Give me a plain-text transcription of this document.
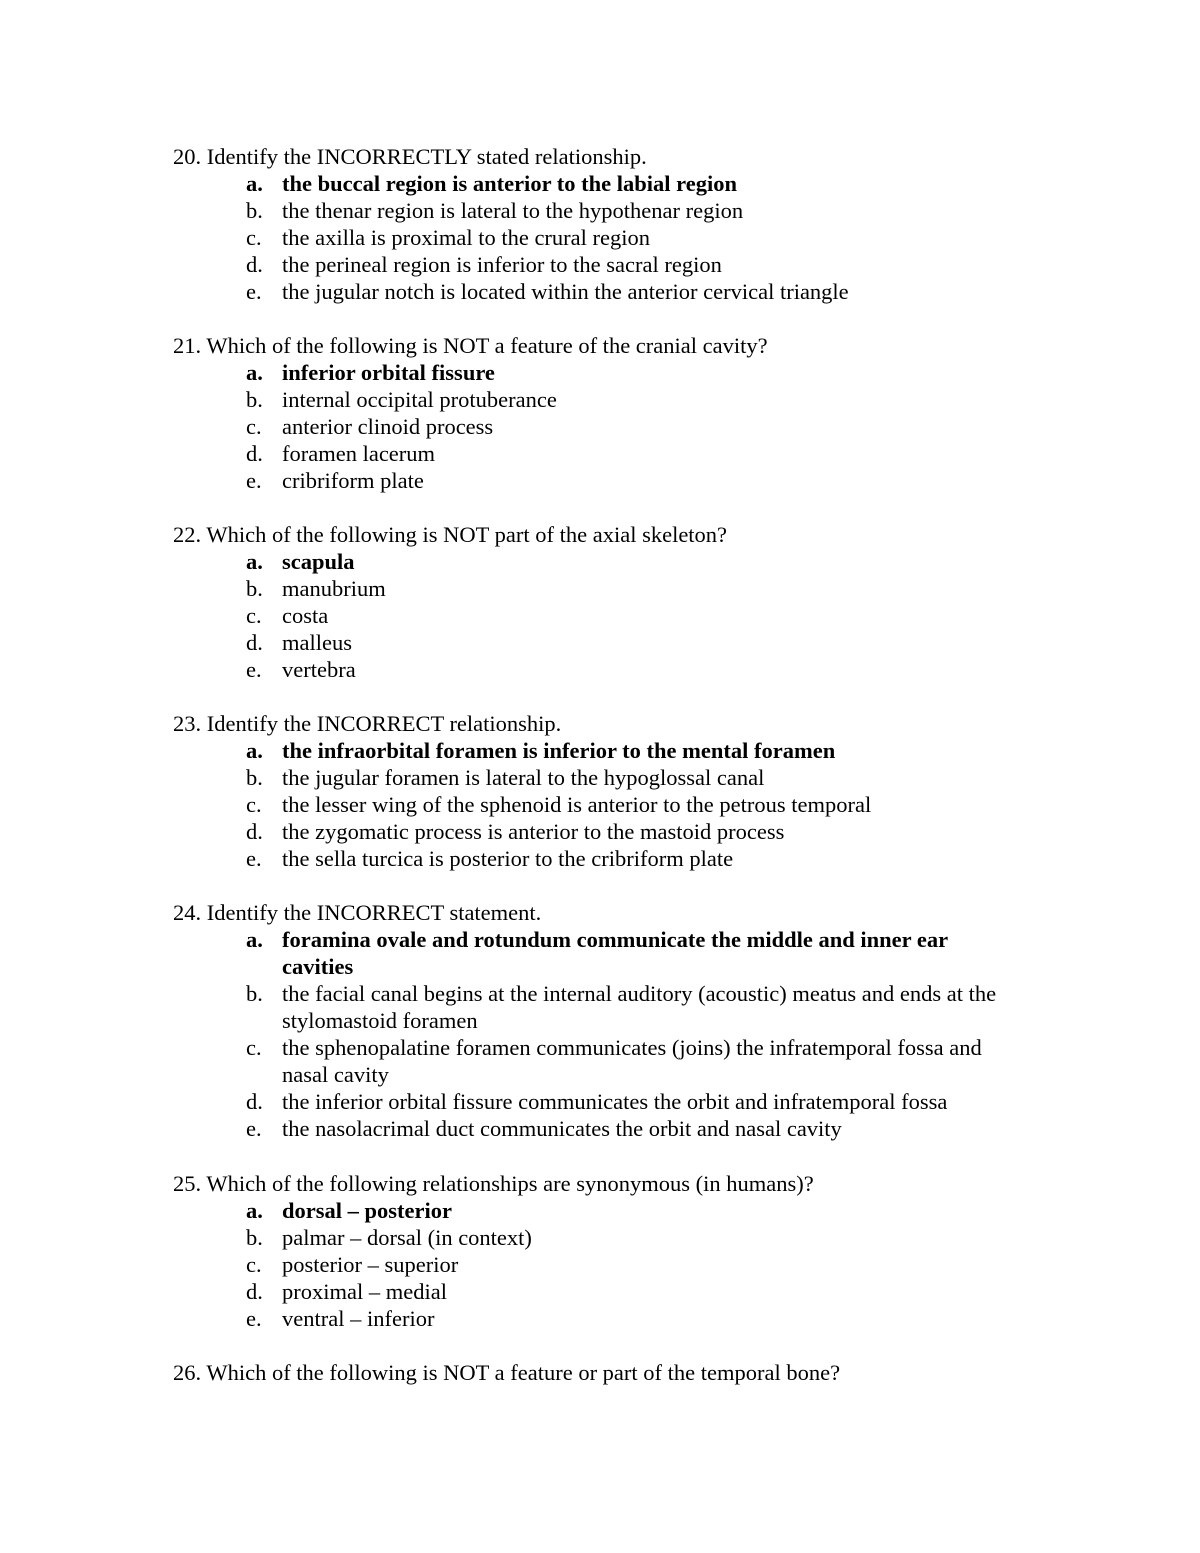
20. Identify the INCORRECTLY stated relationship.
a. the buccal region is anterior to the labial region
b. the thenar region is lateral to the hypothenar region
c. the axilla is proximal to the crural region
d. the perineal region is inferior to the sacral region
e. the jugular notch is located within the anterior cervical triangle
21. Which of the following is NOT a feature of the cranial cavity?
a. inferior orbital fissure
b. internal occipital protuberance
c. anterior clinoid process
d. foramen lacerum
e. cribriform plate
22. Which of the following is NOT part of the axial skeleton?
a. scapula
b. manubrium
c. costa
d. malleus
e. vertebra
23. Identify the INCORRECT relationship.
a. the infraorbital foramen is inferior to the mental foramen
b. the jugular foramen is lateral to the hypoglossal canal
c. the lesser wing of the sphenoid is anterior to the petrous temporal
d. the zygomatic process is anterior to the mastoid process
e. the sella turcica is posterior to the cribriform plate
24. Identify the INCORRECT statement.
a. foramina ovale and rotundum communicate the middle and inner ear cavities
b. the facial canal begins at the internal auditory (acoustic) meatus and ends at the stylomastoid foramen
c. the sphenopalatine foramen communicates (joins) the infratemporal fossa and nasal cavity
d. the inferior orbital fissure communicates the orbit and infratemporal fossa
e. the nasolacrimal duct communicates the orbit and nasal cavity
25. Which of the following relationships are synonymous (in humans)?
a. dorsal – posterior
b. palmar – dorsal (in context)
c. posterior – superior
d. proximal – medial
e. ventral – inferior
26. Which of the following is NOT a feature or part of the temporal bone?
